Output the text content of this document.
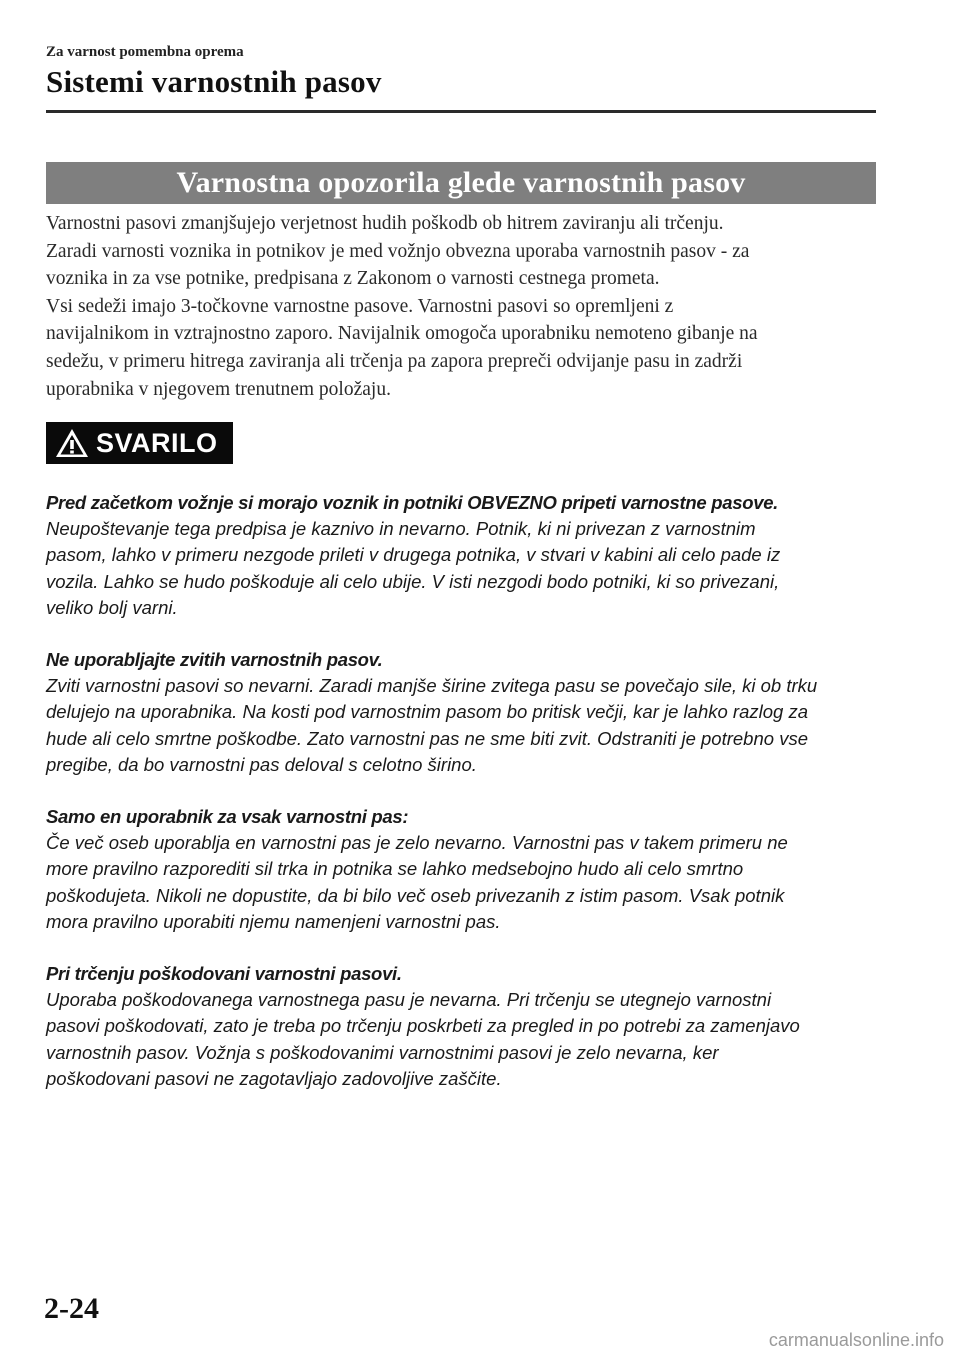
Za varnost pomembna oprema
Sistemi varnostnih pasov
Varnostna opozorila glede varnostnih pasov

Varnostni pasovi zmanjšujejo verjetnost hudih poškodb ob hitrem zaviranju ali trčenju.

Zaradi varnosti voznika in potnikov je med vožnjo obvezna uporaba varnostnih pasov - za

voznika in za vse potnike, predpisana z Zakonom o varnosti cestnega prometa.

Vsi sedeži imajo 3-točkovne varnostne pasove. Varnostni pasovi so opremljeni z

navijalnikom in vztrajnostno zaporo. Navijalnik omogoča uporabniku nemoteno gibanje na

sedežu, v primeru hitrega zaviranja ali trčenja pa zapora prepreči odvijanje pasu in zadrži

uporabnika v njegovem trenutnem položaju.

SVARILO
Pred začetkom vožnje si morajo voznik in potniki OBVEZNO pripeti varnostne pasove.
Neupoštevanje tega predpisa je kaznivo in nevarno. Potnik, ki ni privezan z varnostnim
pasom, lahko v primeru nezgode prileti v drugega potnika, v stvari v kabini ali celo pade iz
vozila. Lahko se hudo poškoduje ali celo ubije. V isti nezgodi bodo potniki, ki so privezani,
veliko bolj varni.
Ne uporabljajte zvitih varnostnih pasov.
Zviti varnostni pasovi so nevarni. Zaradi manjše širine zvitega pasu se povečajo sile, ki ob trku
delujejo na uporabnika. Na kosti pod varnostnim pasom bo pritisk večji, kar je lahko razlog za
hude ali celo smrtne poškodbe. Zato varnostni pas ne sme biti zvit. Odstraniti je potrebno vse
pregibe, da bo varnostni pas deloval s celotno širino.
Samo en uporabnik za vsak varnostni pas:
Če več oseb uporablja en varnostni pas je zelo nevarno. Varnostni pas v takem primeru ne
more pravilno razporediti sil trka in potnika se lahko medsebojno hudo ali celo smrtno
poškodujeta. Nikoli ne dopustite, da bi bilo več oseb privezanih z istim pasom. Vsak potnik
mora pravilno uporabiti njemu namenjeni varnostni pas.
Pri trčenju poškodovani varnostni pasovi.
Uporaba poškodovanega varnostnega pasu je nevarna. Pri trčenju se utegnejo varnostni
pasovi poškodovati, zato je treba po trčenju poskrbeti za pregled in po potrebi za zamenjavo
varnostnih pasov. Vožnja s poškodovanimi varnostnimi pasovi je zelo nevarna, ker
poškodovani pasovi ne zagotavljajo zadovoljive zaščite.
2-24
carmanualsonline.info
